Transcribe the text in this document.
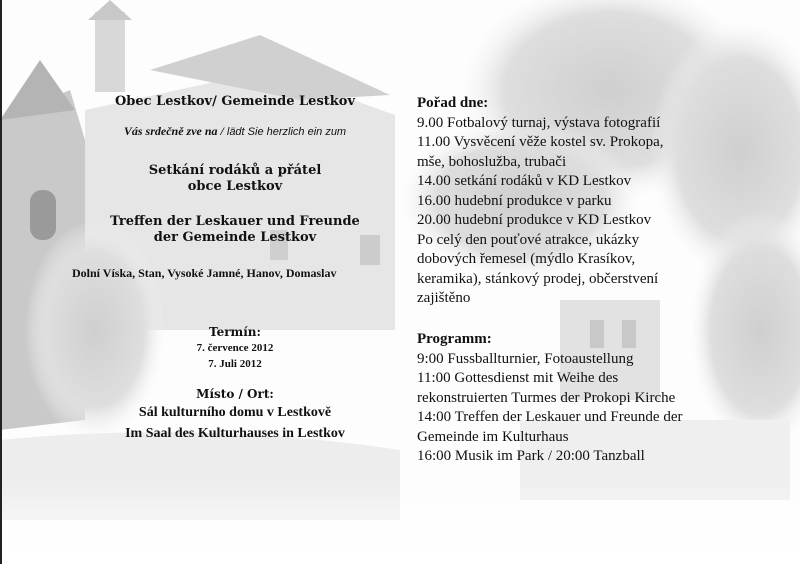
Obec Lestkov/ Gemeinde Lestkov
Vás srdečně zve na / lädt Sie herzlich ein zum
Setkání rodáků a přátel
obce Lestkov
Treffen der Leskauer und Freunde
der Gemeinde Lestkov
Dolní Víska, Stan, Vysoké Jamné, Hanov, Domaslav
Termín:
7. července 2012
7. Juli 2012
Místo / Ort:
Sál kulturního domu v Lestkově
Im Saal des Kulturhauses in Lestkov
Pořad dne:
9.00 Fotbalový turnaj, výstava fotografií
11.00 Vysvěcení věže kostel sv. Prokopa,
mše, bohoslužba, trubači
14.00 setkání rodáků v KD Lestkov
16.00 hudební produkce v parku
20.00 hudební produkce v KD Lestkov
Po celý den pouťové atrakce, ukázky
dobových řemesel (mýdlo Krasíkov,
keramika), stánkový prodej, občerstvení
zajištěno
Programm:
9:00 Fussballturnier, Fotoaustellung
11:00 Gottesdienst mit Weihe des
rekonstruierten Turmes der Prokopi Kirche
14:00 Treffen der Leskauer und Freunde der
Gemeinde im Kulturhaus
16:00 Musik im Park / 20:00 Tanzball
